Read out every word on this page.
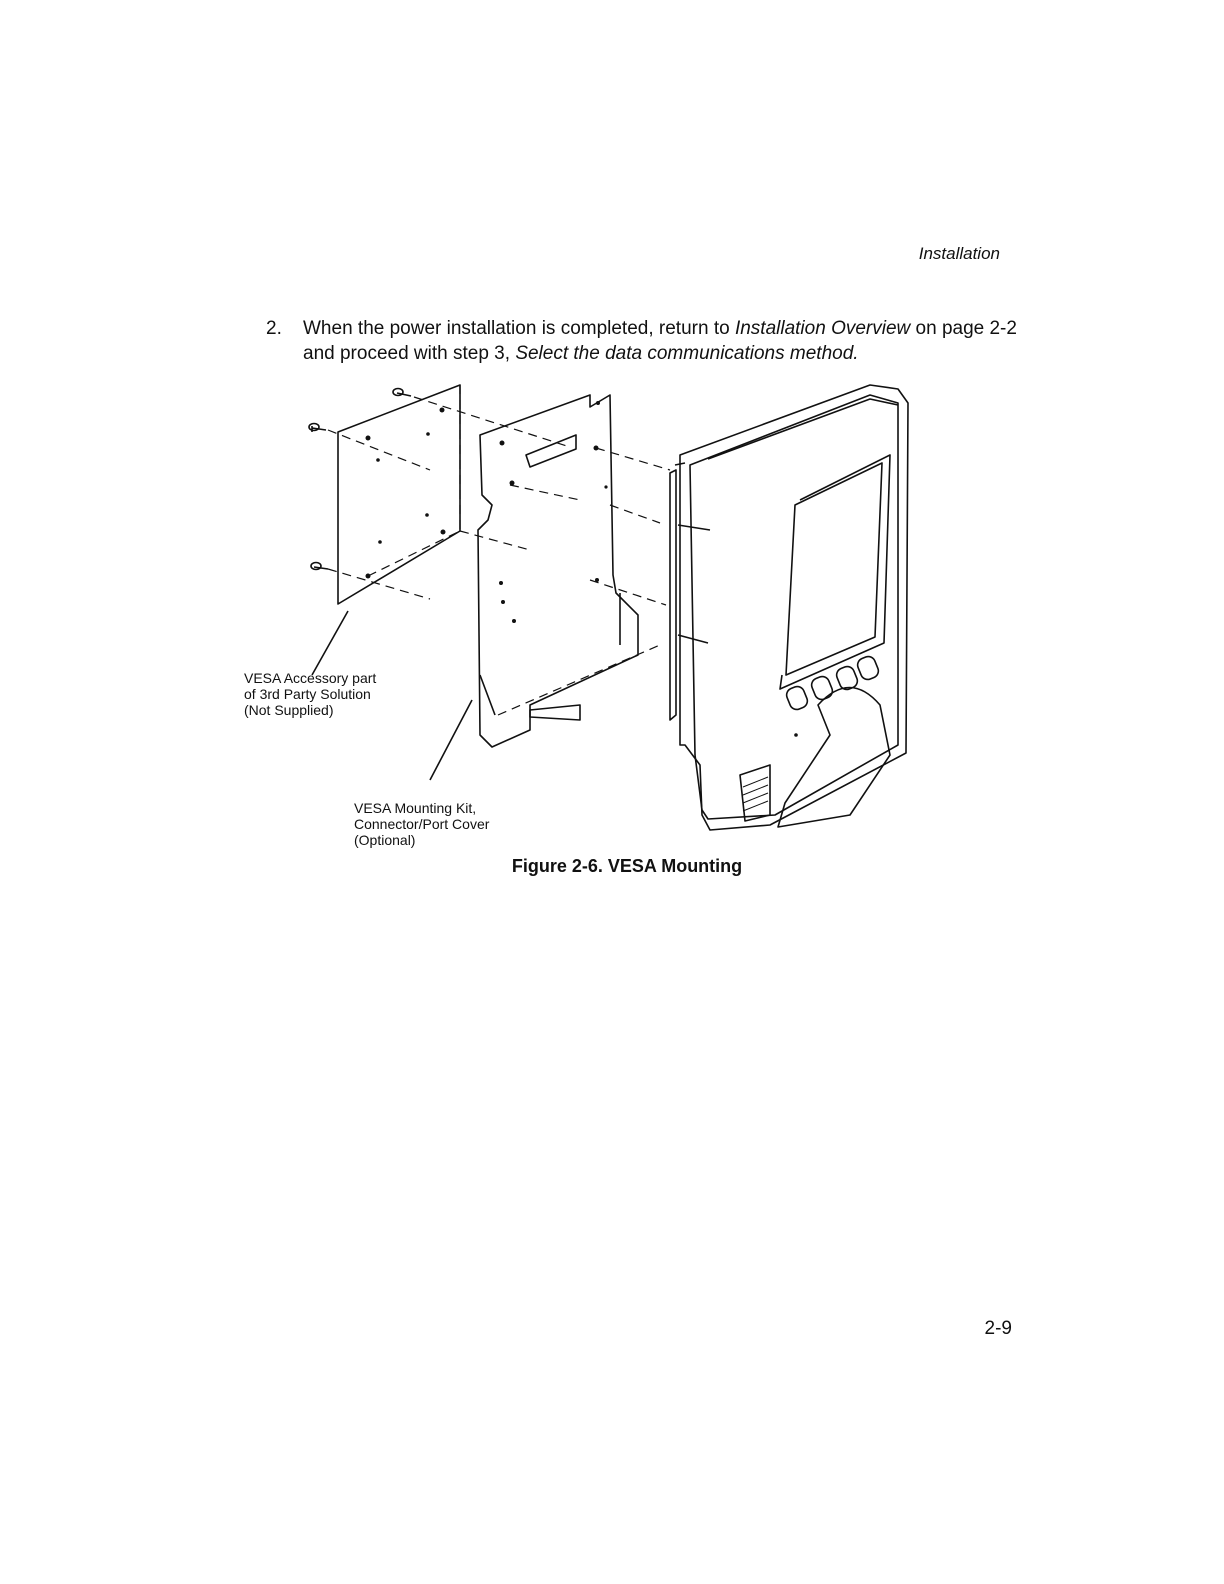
Installation
2. When the power installation is completed, return to Installation Overview on page 2-2 and proceed with step 3, Select the data communications method.
VESA Accessory part
of 3rd Party Solution
(Not Supplied)
VESA Mounting Kit,
Connector/Port Cover
(Optional)
Figure 2-6. VESA Mounting
2-9
